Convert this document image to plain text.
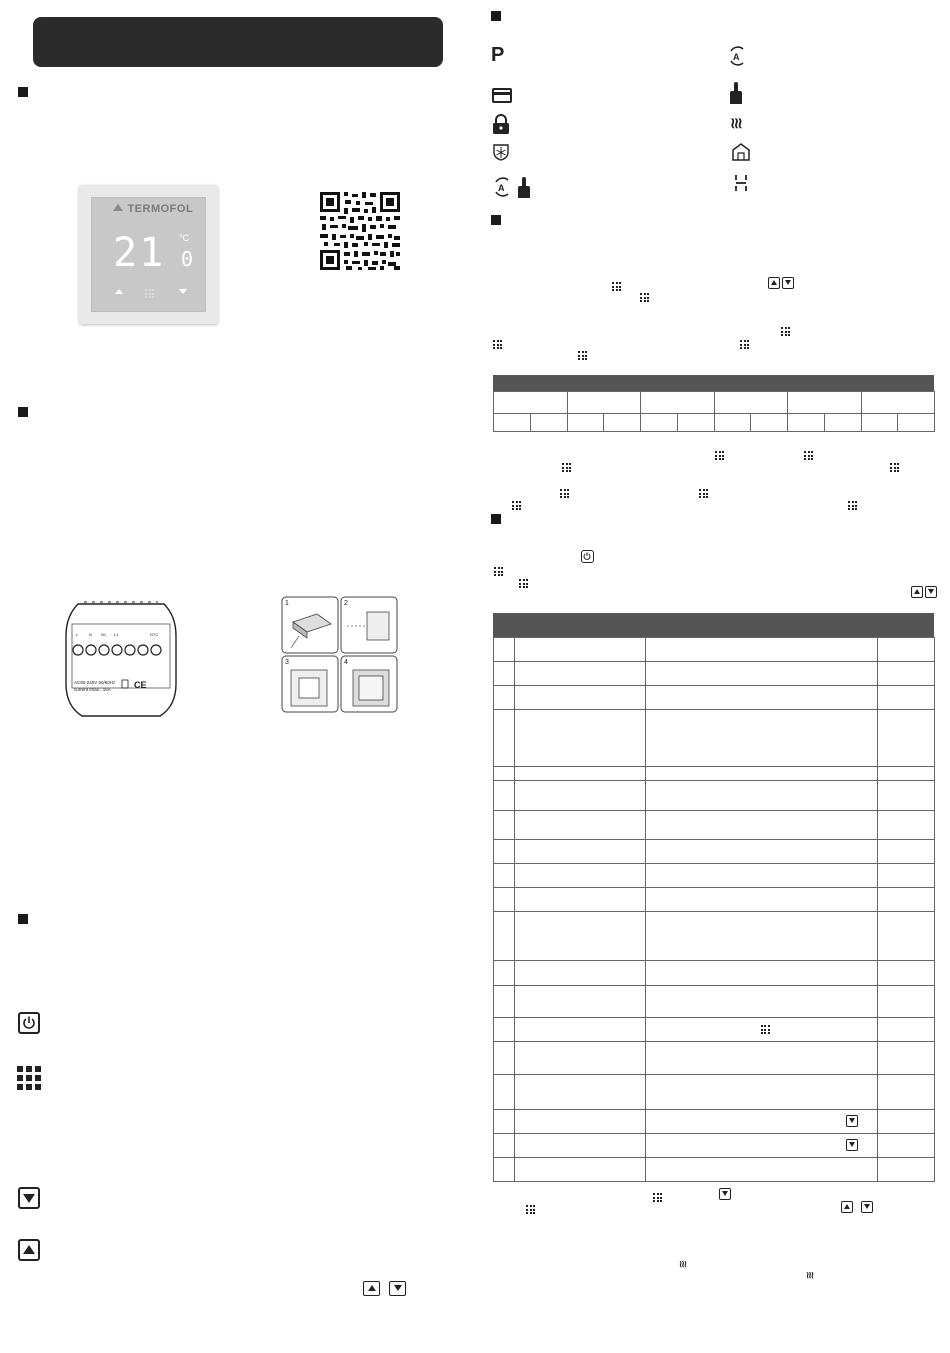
TERMOFOL
21 0
°C
L	N N1 L1	NTC
AC90-240V 50/60Hz
current Imax.: 16A	CE
1	2
3	4
P
A
A
≀≀≀

≀≀≀
≀≀≀
